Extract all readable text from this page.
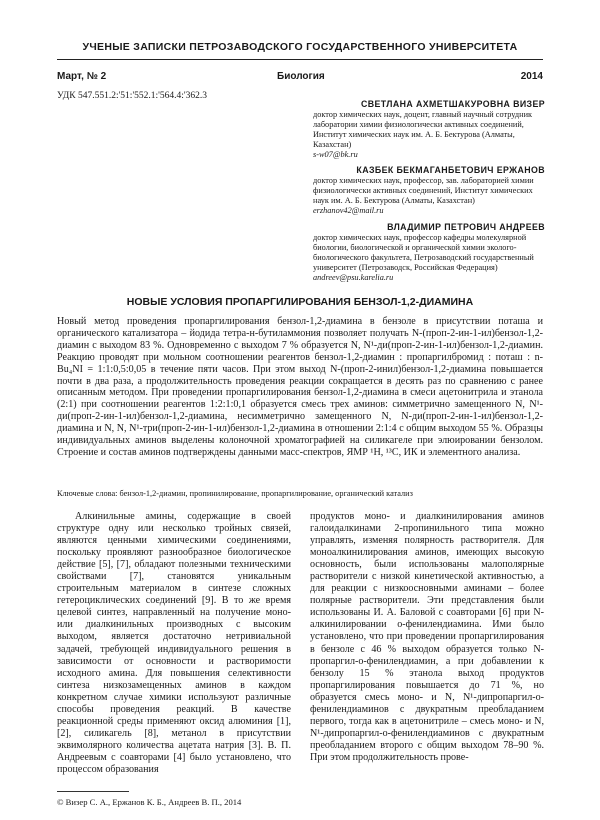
УЧЕНЫЕ ЗАПИСКИ ПЕТРОЗАВОДСКОГО ГОСУДАРСТВЕННОГО УНИВЕРСИТЕТА
Март, № 2	Биология	2014
УДК 547.551.2:'51:'552.1:'564.4:'362.3
СВЕТЛАНА АХМЕТШАКУРОВНА ВИЗЕР
доктор химических наук, доцент, главный научный сотрудник лаборатории химии физиологически активных соединений, Институт химических наук им. А. Б. Бектурова (Алматы, Казахстан)
s-w07@bk.ru
КАЗБЕК БЕКМАГАНБЕТОВИЧ ЕРЖАНОВ
доктор химических наук, профессор, зав. лабораторией химии физиологически активных соединений, Институт химических наук им. А. Б. Бектурова (Алматы, Казахстан)
erzhanov42@mail.ru
ВЛАДИМИР ПЕТРОВИЧ АНДРЕЕВ
доктор химических наук, профессор кафедры молекулярной биологии, биологической и органической химии эколого-биологического факультета, Петрозаводский государственный университет (Петрозаводск, Российская Федерация)
andreev@psu.karelia.ru
НОВЫЕ УСЛОВИЯ ПРОПАРГИЛИРОВАНИЯ БЕНЗОЛ-1,2-ДИАМИНА
Новый метод проведения пропаргилирования бензол-1,2-диамина в бензоле в присутствии поташа и органического катализатора – йодида тетра-н-бутиламмония позволяет получать N-(проп-2-ин-1-ил)бензол-1,2-диамин с выходом 83 %. Одновременно с выходом 7 % образуется N, N¹-ди(проп-2-ин-1-ил)бензол-1,2-диамин. Реакцию проводят при мольном соотношении реагентов бензол-1,2-диамин : пропаргилбромид : поташ : n-Bu₄NI = 1:1:0,5:0,05 в течение пяти часов. При этом выход N-(проп-2-инил)бензол-1,2-диамина повышается почти в два раза, а продолжительность проведения реакции сокращается в десять раз по сравнению с ранее описанным методом. При проведении пропаргилирования бензол-1,2-диамина в смеси ацетонитрила и этанола (2:1) при соотношении реагентов 1:2:1:0,1 образуется смесь трех аминов: симметрично замещенного N, N¹-ди(проп-2-ин-1-ил)бензол-1,2-диамина, несимметрично замещенного N, N-ди(проп-2-ин-1-ил)бензол-1,2-диамина и N, N, N¹-три(проп-2-ин-1-ил)бензол-1,2-диамина в отношении 2:1:4 с общим выходом 55 %. Образцы индивидуальных аминов выделены колоночной хроматографией на силикагеле при элюировании бензолом. Строение и состав аминов подтверждены данными масс-спектров, ЯМР ¹H, ¹³C, ИК и элементного анализа.
Ключевые слова: бензол-1,2-диамин, пропинилирование, пропаргилирование, органический катализ
Алкинильные амины, содержащие в своей структуре одну или несколько тройных связей, являются ценными химическими соединениями, поскольку проявляют разнообразное биологическое действие [5], [7], обладают полезными техническими свойствами [7], становятся уникальным строительным материалом в синтезе сложных гетероциклических соединений [9]. В то же время целевой синтез, направленный на получение моно- или диалкинильных производных с высоким выходом, является достаточно нетривиальной задачей, требующей индивидуального решения в зависимости от основности и растворимости исходного амина. Для повышения селективности синтеза низкозамещенных аминов в каждом конкретном случае химики используют различные способы проведения реакций. В качестве реакционной среды применяют оксид алюминия [1], [2], силикагель [8], метанол в присутствии эквимолярного количества ацетата натрия [3]. В. П. Андреевым с соавторами [4] было установлено, что процессом образования
продуктов моно- и диалкинилирования аминов галоидалкинами 2-пропинильного типа можно управлять, изменяя полярность растворителя. Для моноалкинилирования аминов, имеющих высокую основность, были использованы малополярные растворители с низкой кинетической активностью, а для реакции с низкоосновными аминами – более полярные растворители. Эти представления были использованы И. А. Баловой с соавторами [6] при N-алкинилировании о-фенилендиамина. Ими было установлено, что при проведении пропаргилирования в бензоле с 46 % выходом образуется только N-пропаргил-о-фенилендиамин, а при добавлении к бензолу 15 % этанола выход продуктов пропаргилирования повышается до 71 %, но образуется смесь моно- и N, N¹-дипропаргил-о-фенилендиаминов с двукратным преобладанием первого, тогда как в ацетонитриле – смесь моно- и N, N¹-дипропаргил-о-фенилендиаминов с двукратным преобладанием второго с общим выходом 78–90 %. При этом продолжительность прове-
© Визер С. А., Ержанов К. Б., Андреев В. П., 2014
